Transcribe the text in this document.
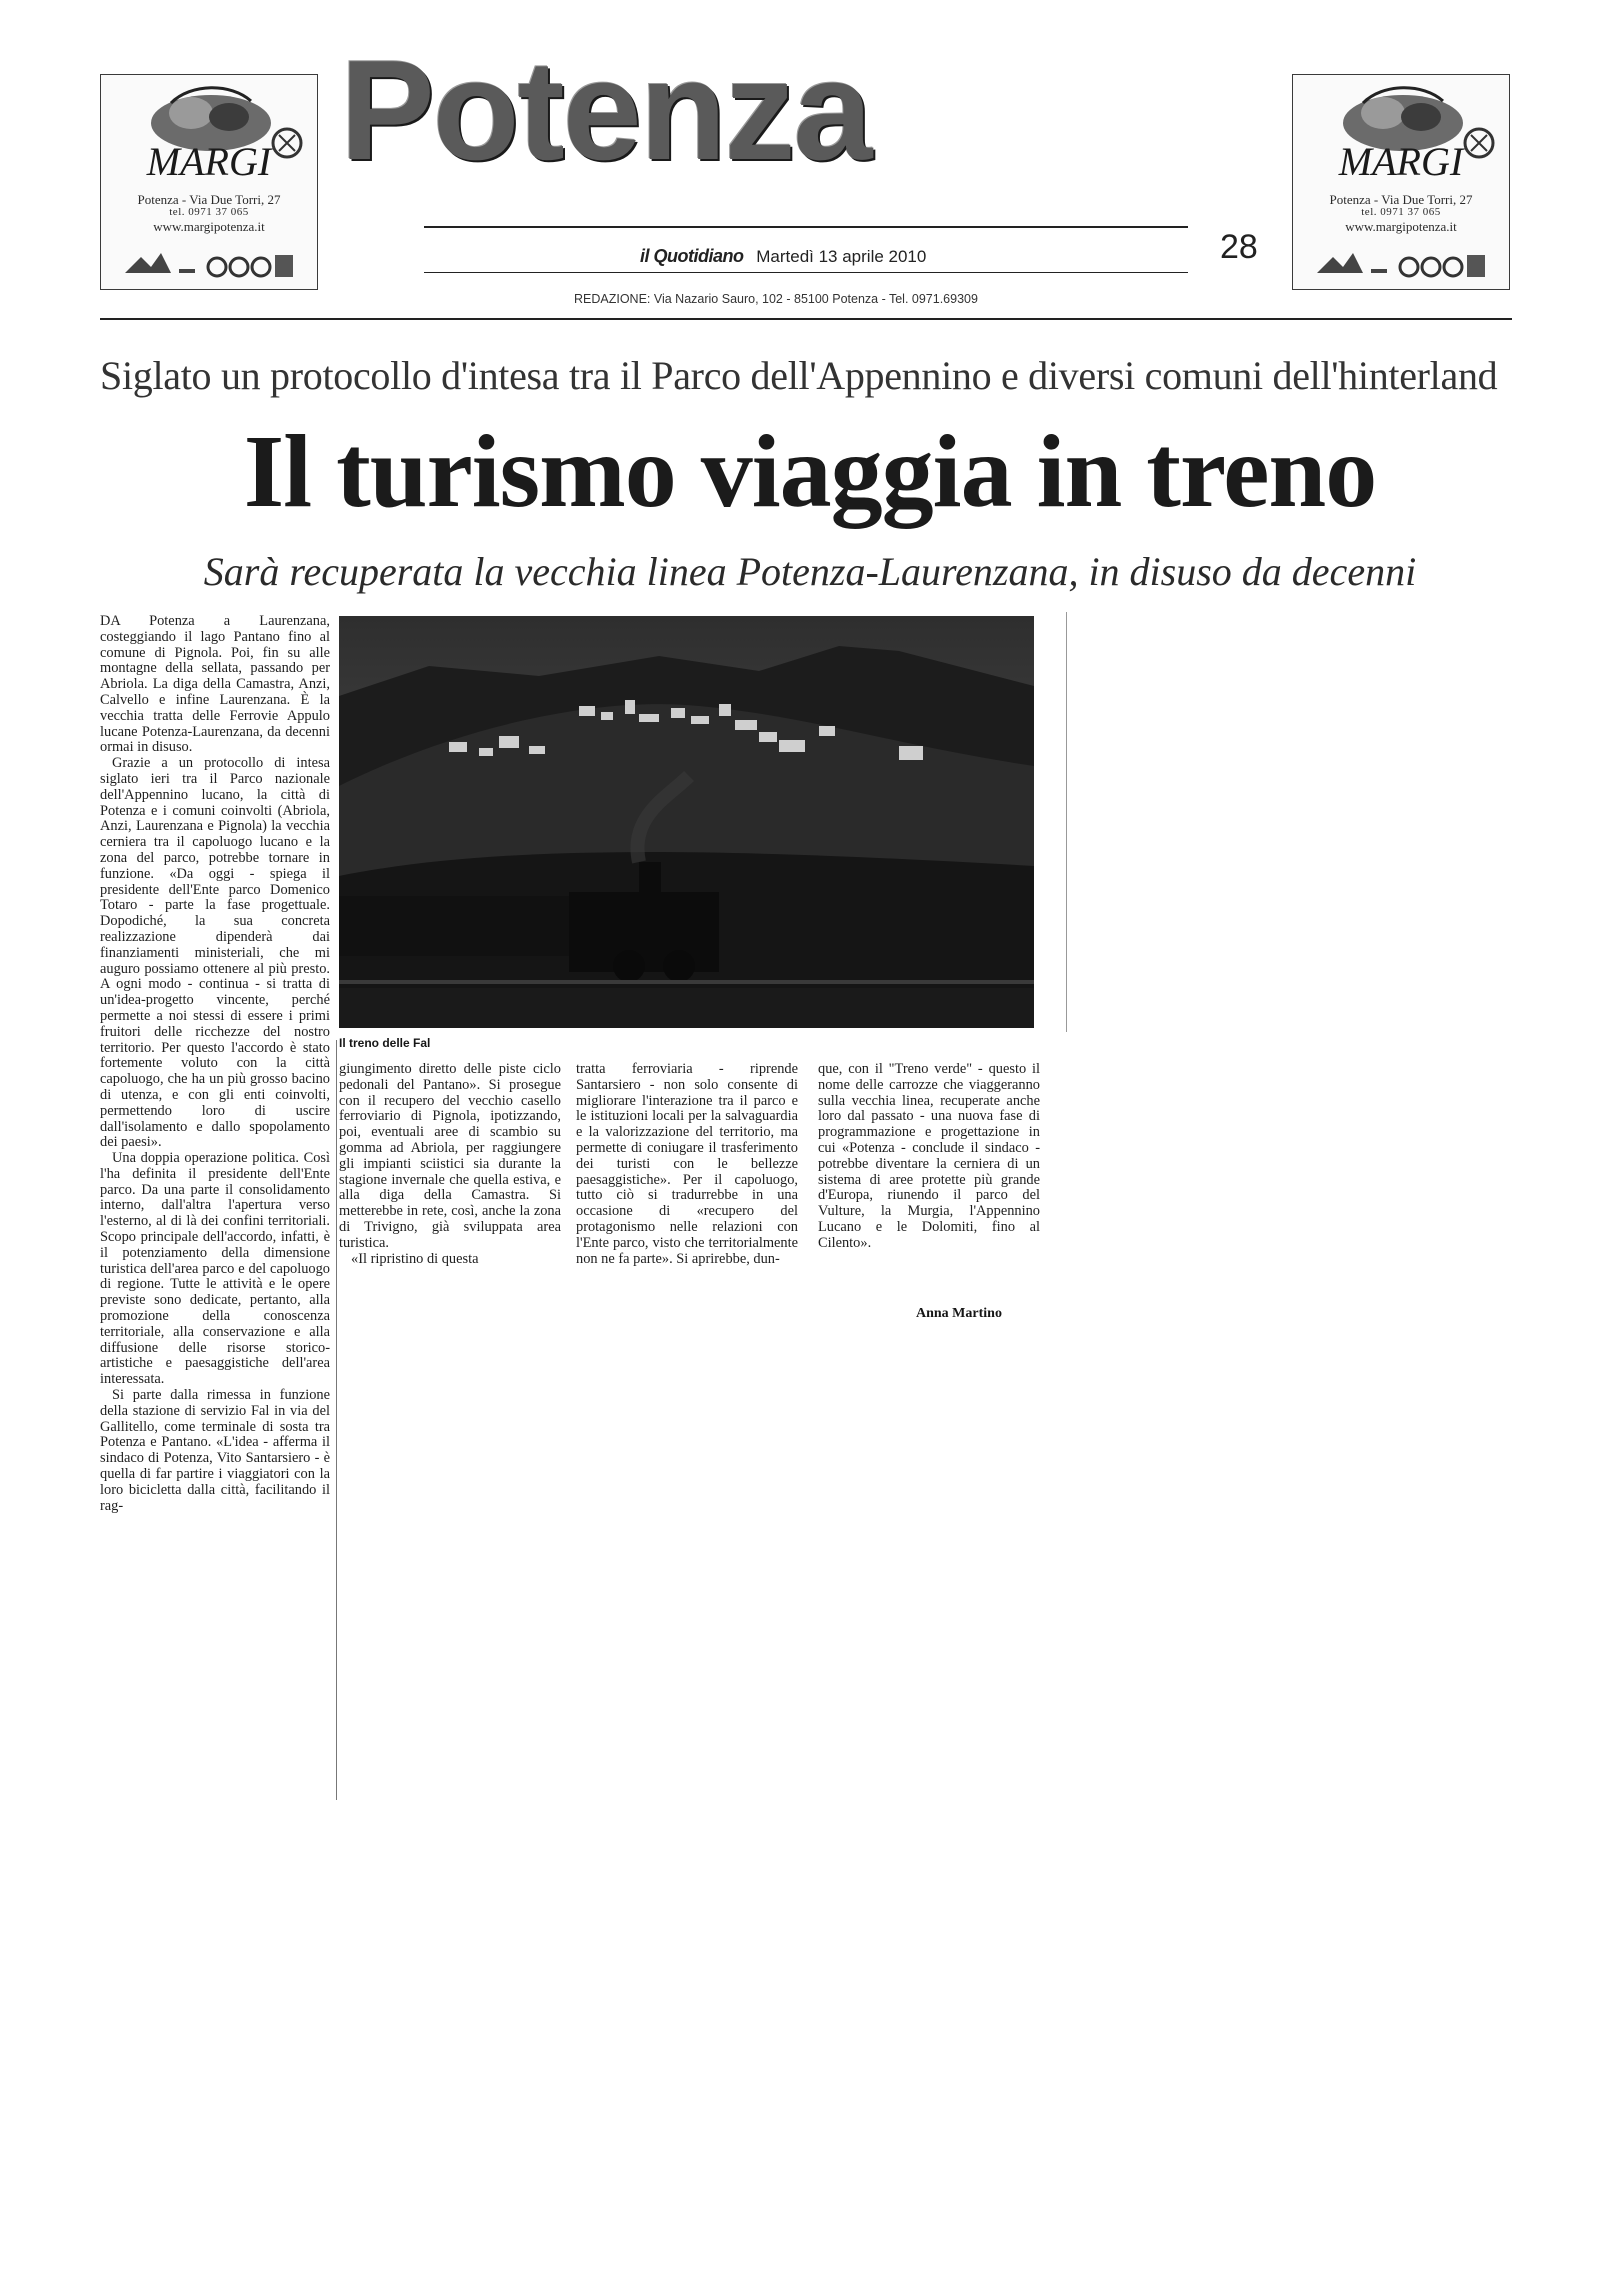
MARGI
Potenza - Via Due Torri, 27
tel. 0971 37 065
www.margipotenza.it
MARGI
Potenza - Via Due Torri, 27
tel. 0971 37 065
www.margipotenza.it
Potenza
il Quotidiano Martedì 13 aprile 2010	28
REDAZIONE: Via Nazario Sauro, 102 - 85100 Potenza - Tel. 0971.69309
Siglato un protocollo d'intesa tra il Parco dell'Appennino e diversi comuni dell'hinterland
Il turismo viaggia in treno
Sarà recuperata la vecchia linea Potenza-Laurenzana, in disuso da decenni
Il treno delle Fal

DA Potenza a Laurenzana, costeggiando il lago Pantano fino al comune di Pignola. Poi, fin su alle montagne della sellata, passando per Abriola. La diga della Camastra, Anzi, Calvello e infine Laurenzana. È la vecchia tratta delle Ferrovie Appulo lucane Potenza-Laurenzana, da decenni ormai in disuso.

Grazie a un protocollo di intesa siglato ieri tra il Parco nazionale dell'Appennino lucano, la città di Potenza e i comuni coinvolti (Abriola, Anzi, Laurenzana e Pignola) la vecchia cerniera tra il capoluogo lucano e la zona del parco, potrebbe tornare in funzione. «Da oggi - spiega il presidente dell'Ente parco Domenico Totaro - parte la fase progettuale. Dopodiché, la sua concreta realizzazione dipenderà dai finanziamenti ministeriali, che mi auguro possiamo ottenere al più presto. A ogni modo - continua - si tratta di un'idea-progetto vincente, perché permette a noi stessi di essere i primi fruitori delle ricchezze del nostro territorio. Per questo l'accordo è stato fortemente voluto con la città capoluogo, che ha un più grosso bacino di utenza, e con gli enti coinvolti, permettendo loro di uscire dall'isolamento e dallo spopolamento dei paesi».

Una doppia operazione politica. Così l'ha definita il presidente dell'Ente parco. Da una parte il consolidamento interno, dall'altra l'apertura verso l'esterno, al di là dei confini territoriali. Scopo principale dell'accordo, infatti, è il potenziamento della dimensione turistica dell'area parco e del capoluogo di regione. Tutte le attività e le opere previste sono dedicate, pertanto, alla promozione della conoscenza territoriale, alla conservazione e alla diffusione delle risorse storico-artistiche e paesaggistiche dell'area interessata.

Si parte dalla rimessa in funzione della stazione di servizio Fal in via del Gallitello, come terminale di sosta tra Potenza e Pantano. «L'idea - afferma il sindaco di Potenza, Vito Santarsiero - è quella di far partire i viaggiatori con la loro bicicletta dalla città, facilitando il rag-

giungimento diretto delle piste ciclo pedonali del Pantano». Si prosegue con il recupero del vecchio casello ferroviario di Pignola, ipotizzando, poi, eventuali aree di scambio su gomma ad Abriola, per raggiungere gli impianti sciistici sia durante la stagione invernale che quella estiva, e alla diga della Camastra. Si metterebbe in rete, così, anche la zona di Trivigno, già sviluppata area turistica.

«Il ripristino di questa

tratta ferroviaria - riprende Santarsiero - non solo consente di migliorare l'interazione tra il parco e le istituzioni locali per la salvaguardia e la valorizzazione del territorio, ma permette di coniugare il trasferimento dei turisti con le bellezze paesaggistiche». Per il capoluogo, tutto ciò si tradurrebbe in una occasione di «recupero del protagonismo nelle relazioni con l'Ente parco, visto che territorialmente non ne fa parte». Si aprirebbe, dun-

que, con il "Treno verde" - questo il nome delle carrozze che viaggeranno sulla vecchia linea, recuperate anche loro dal passato - una nuova fase di programmazione e progettazione in cui «Potenza - conclude il sindaco - potrebbe diventare la cerniera di un sistema di aree protette più grande d'Europa, riunendo il parco del Vulture, la Murgia, l'Appennino Lucano e le Dolomiti, fino al Cilento».

Anna Martino
